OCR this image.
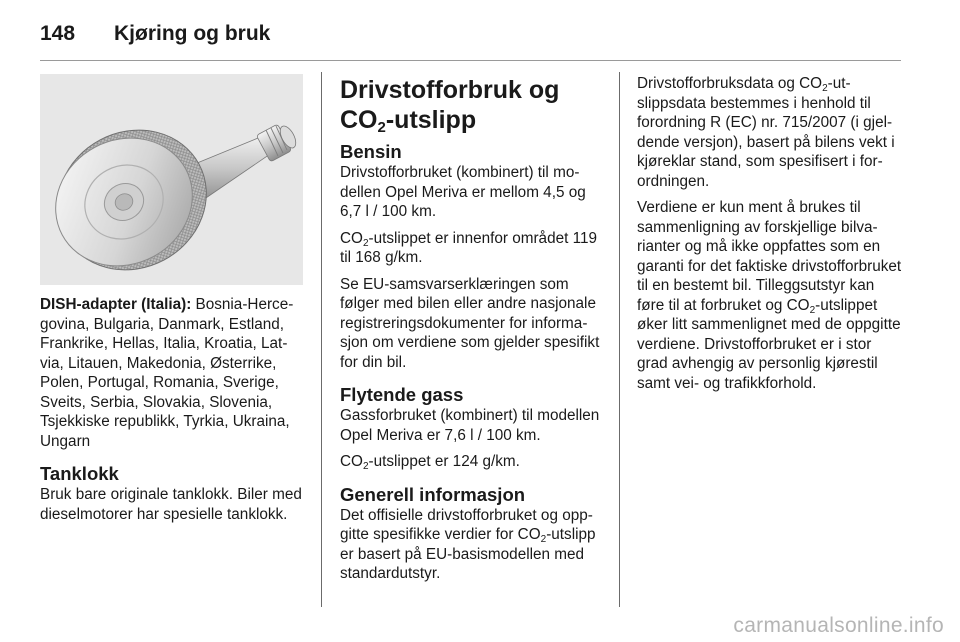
148 Kjøring og bruk

DISH-adapter (Italia): Bosnia-Hercegovina, Bulgaria, Danmark, Estland, Frankrike, Hellas, Italia, Kroatia, Latvia, Litauen, Makedonia, Østerrike, Polen, Portugal, Romania, Sverige, Sveits, Serbia, Slovakia, Slovenia, Tsjekkiske republikk, Tyrkia, Ukraina, Ungarn

Tanklokk

Bruk bare originale tanklokk. Biler med dieselmotorer har spesielle tanklokk.

Drivstofforbruk og $CO_2$-utslipp
Bensin

Drivstofforbruket (kombinert) til modellen Opel Meriva er mellom 4,5 og 6,7 l / 100 km.

$CO_2$-utslippet er innenfor området 119 til 168 g/km.

Se EU-samsvarserklæringen som følger med bilen eller andre nasjonale registreringsdokumenter for informasjon om verdiene som gjelder spesifikt for din bil.

Flytende gass

Gassforbruket (kombinert) til modellen Opel Meriva er 7,6 l / 100 km.

$CO_2$-utslippet er 124 g/km.

Generell informasjon

Det offisielle drivstofforbruket og oppgitte spesifikke verdier for $CO_2$-utslipp er basert på EU-basismodellen med standardutstyr.

Drivstofforbruksdata og $CO_2$-utslippsdata bestemmes i henhold til forordning R (EC) nr. 715/2007 (i gjeldende versjon), basert på bilens vekt i kjøreklar stand, som spesifisert i forordningen.

Verdiene er kun ment å brukes til sammenligning av forskjellige bilvarianter og må ikke oppfattes som en garanti for det faktiske drivstofforbruket til en bestemt bil. Tilleggsutstyr kan føre til at forbruket og $CO_2$-utslippet øker litt sammenlignet med de oppgitte verdiene. Drivstofforbruket er i stor grad avhengig av personlig kjørestil samt vei- og trafikkforhold.

carmanualsonline.info
